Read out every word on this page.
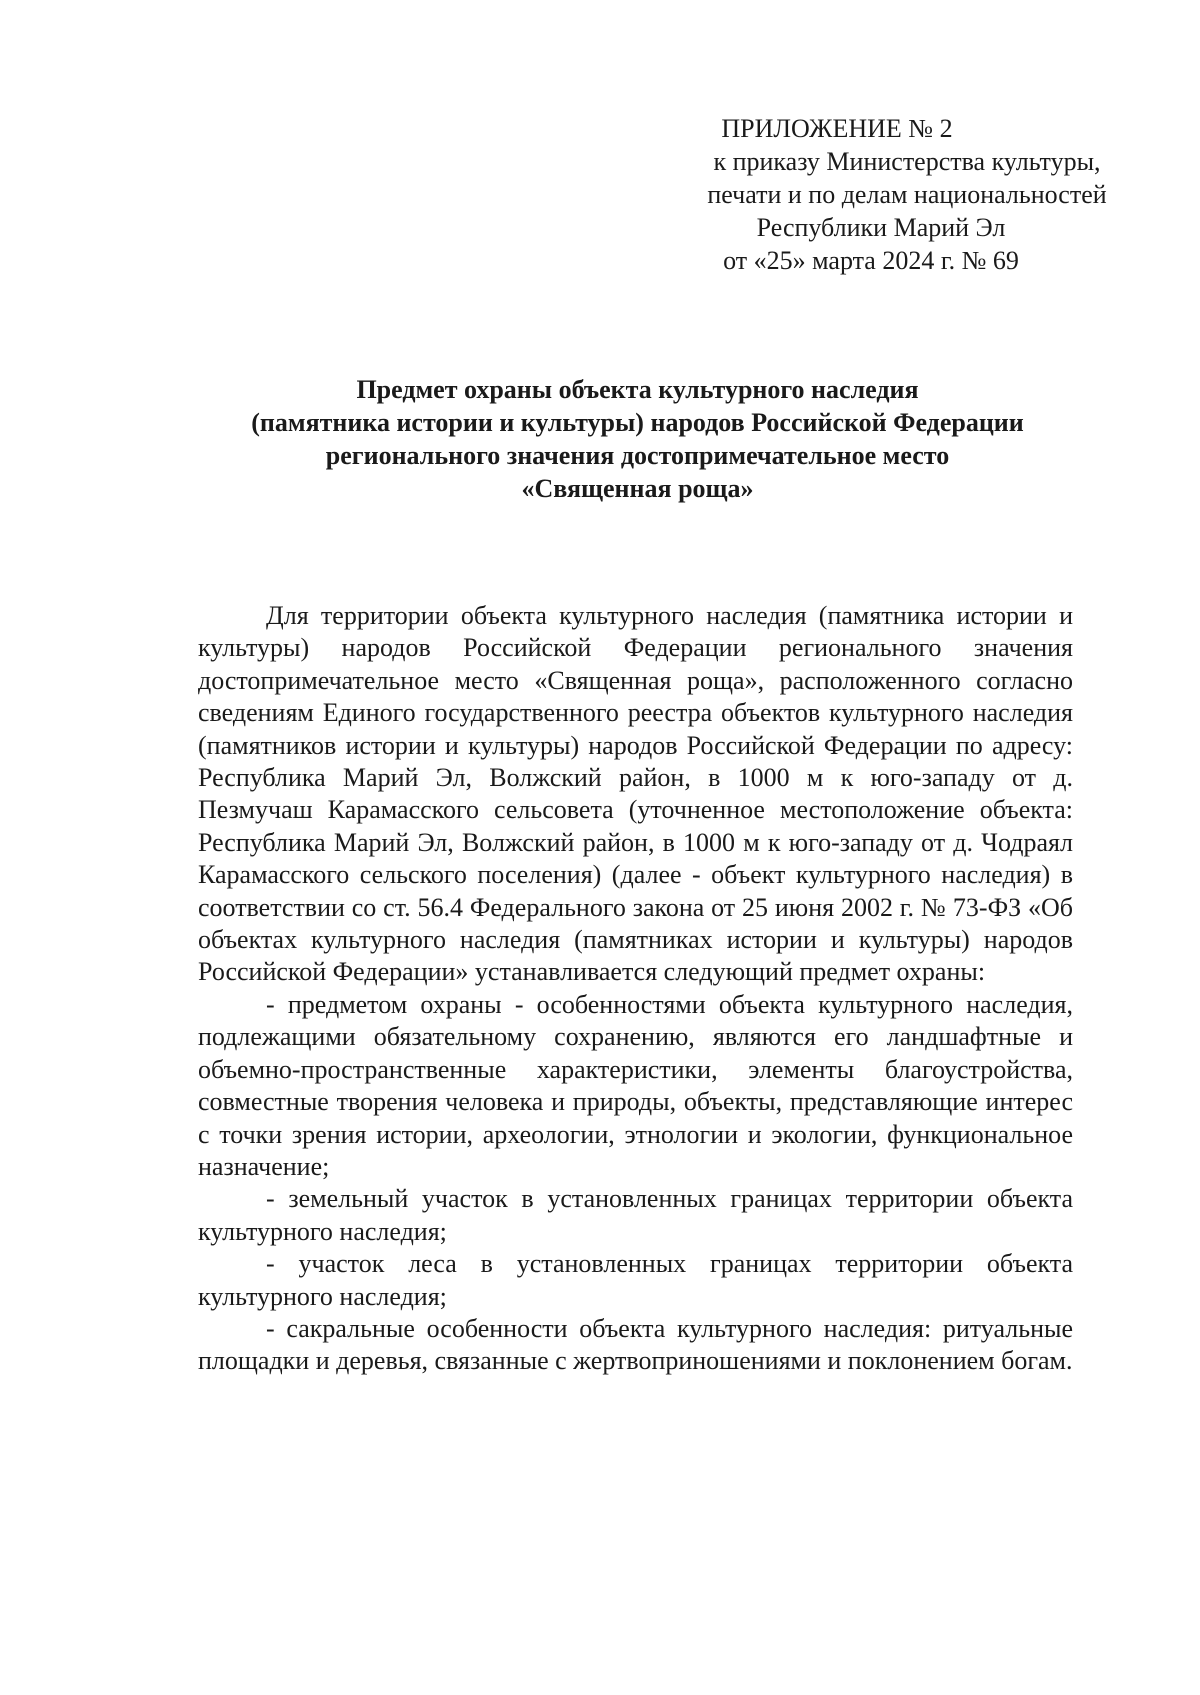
ПРИЛОЖЕНИЕ № 2
к приказу Министерства культуры,
печати и по делам национальностей
Республики Марий Эл
от «25» марта 2024 г. № 69
Предмет охраны объекта культурного наследия
(памятника истории и культуры) народов Российской Федерации
регионального значения достопримечательное место
«Священная роща»

Для территории объекта культурного наследия (памятника истории и культуры) народов Российской Федерации регионального значения достопримечательное место «Священная роща», расположенного согласно сведениям Единого государственного реестра объектов культурного наследия (памятников истории и культуры) народов Российской Федерации по адресу: Республика Марий Эл, Волжский район, в 1000 м к юго-западу от д. Пезмучаш Карамасского сельсовета (уточненное местоположение объекта: Республика Марий Эл, Волжский район, в 1000 м к юго-западу от д. Чодраял Карамасского сельского поселения) (далее - объект культурного наследия) в соответствии со ст. 56.4 Федерального закона от 25 июня 2002 г. № 73-ФЗ «Об объектах культурного наследия (памятниках истории и культуры) народов Российской Федерации» устанавливается следующий предмет охраны:

- предметом охраны - особенностями объекта культурного наследия, подлежащими обязательному сохранению, являются его ландшафтные и объемно-пространственные характеристики, элементы благоустройства, совместные творения человека и природы, объекты, представляющие интерес с точки зрения истории, археологии, этнологии и экологии, функциональное назначение;

- земельный участок в установленных границах территории объекта культурного наследия;

- участок леса в установленных границах территории объекта культурного наследия;

- сакральные особенности объекта культурного наследия: ритуальные площадки и деревья, связанные с жертвоприношениями и поклонением богам.
